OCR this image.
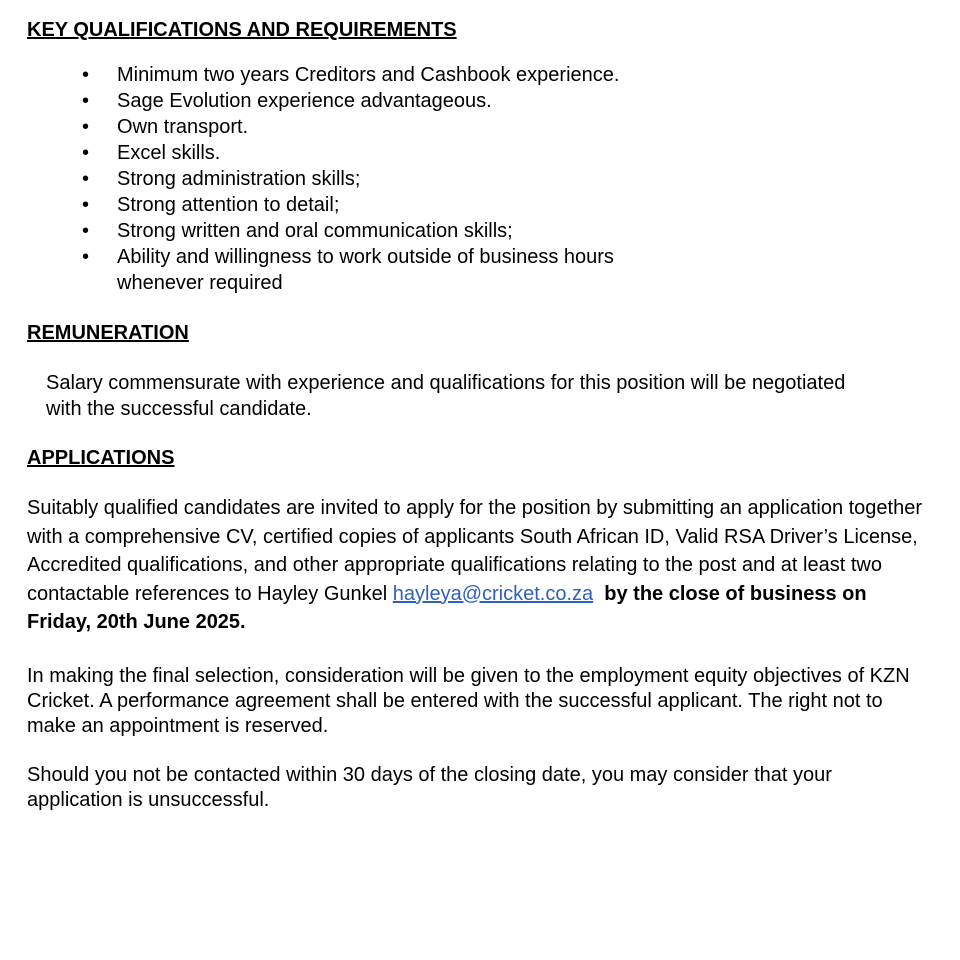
KEY QUALIFICATIONS AND REQUIREMENTS
• Minimum two years Creditors and Cashbook experience.
• Sage Evolution experience advantageous.
• Own transport.
• Excel skills.
• Strong administration skills;
• Strong attention to detail;
• Strong written and oral communication skills;
• Ability and willingness to work outside of business hours whenever required
REMUNERATION

Salary commensurate with experience and qualifications for this position will be negotiated with the successful candidate.

APPLICATIONS

Suitably qualified candidates are invited to apply for the position by submitting an application together with a comprehensive CV, certified copies of applicants South African ID, Valid RSA Driver’s License, Accredited qualifications, and other appropriate qualifications relating to the post and at least two contactable references to Hayley Gunkel hayleya@cricket.co.za by the close of business on Friday, 20th June 2025.

In making the final selection, consideration will be given to the employment equity objectives of KZN Cricket. A performance agreement shall be entered with the successful applicant. The right not to make an appointment is reserved.

Should you not be contacted within 30 days of the closing date, you may consider that your application is unsuccessful.
